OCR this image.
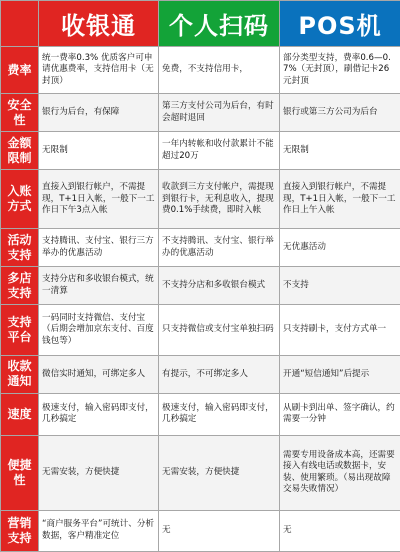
	收银通	个人扫码	POS机
费率	统一费率0.3% 优质客户可申请优惠费率，支持信用卡（无封顶）	免费，不支持信用卡，	部分类型支持，费率0.6—0.7%（无封顶），刷借记卡26元封顶
安全性	银行为后台，有保障	第三方支付公司为后台，有时会超时退回	银行或第三方公司为后台
金额限制	无限制	一年内转帐和收付款累计不能超过20万	无限制
入账方式	直接入到银行帐户，不需提现，T+1日入帐，一般下一工作日下午3点入帐	收款到三方支付帐户，需提现到银行卡，无利息收入，提现费0.1%手续费，即时入帐	直接入到银行帐户，不需提现，T+1日入帐，一般下一工作日上午入帐
活动支持	支持腾讯、支付宝、银行三方举办的优惠活动	不支持腾讯、支付宝、银行举办的优惠活动	无优惠活动
多店支持	支持分店和多收银台模式，统一清算	不支持分店和多收银台模式	不支持
支持平台	一码同时支持微信、支付宝（后期会增加京东支付、百度钱包等）	只支持微信或支付宝单独扫码	只支持刷卡，支付方式单一
收款通知	微信实时通知，可绑定多人	有提示，不可绑定多人	开通“短信通知”后提示
速度	极速支付，输入密码即支付，几秒搞定	极速支付，输入密码即支付，几秒搞定	从刷卡到出单、签字确认，约需要一分钟
便捷性	无需安装，方便快捷	无需安装，方便快捷	需要专用设备成本高，还需要接入有线电话或数据卡，安装、使用繁琐。（易出现故障交易失败情况）
营销支持	“商户服务平台”可统计、分析数据，客户精准定位	无	无
